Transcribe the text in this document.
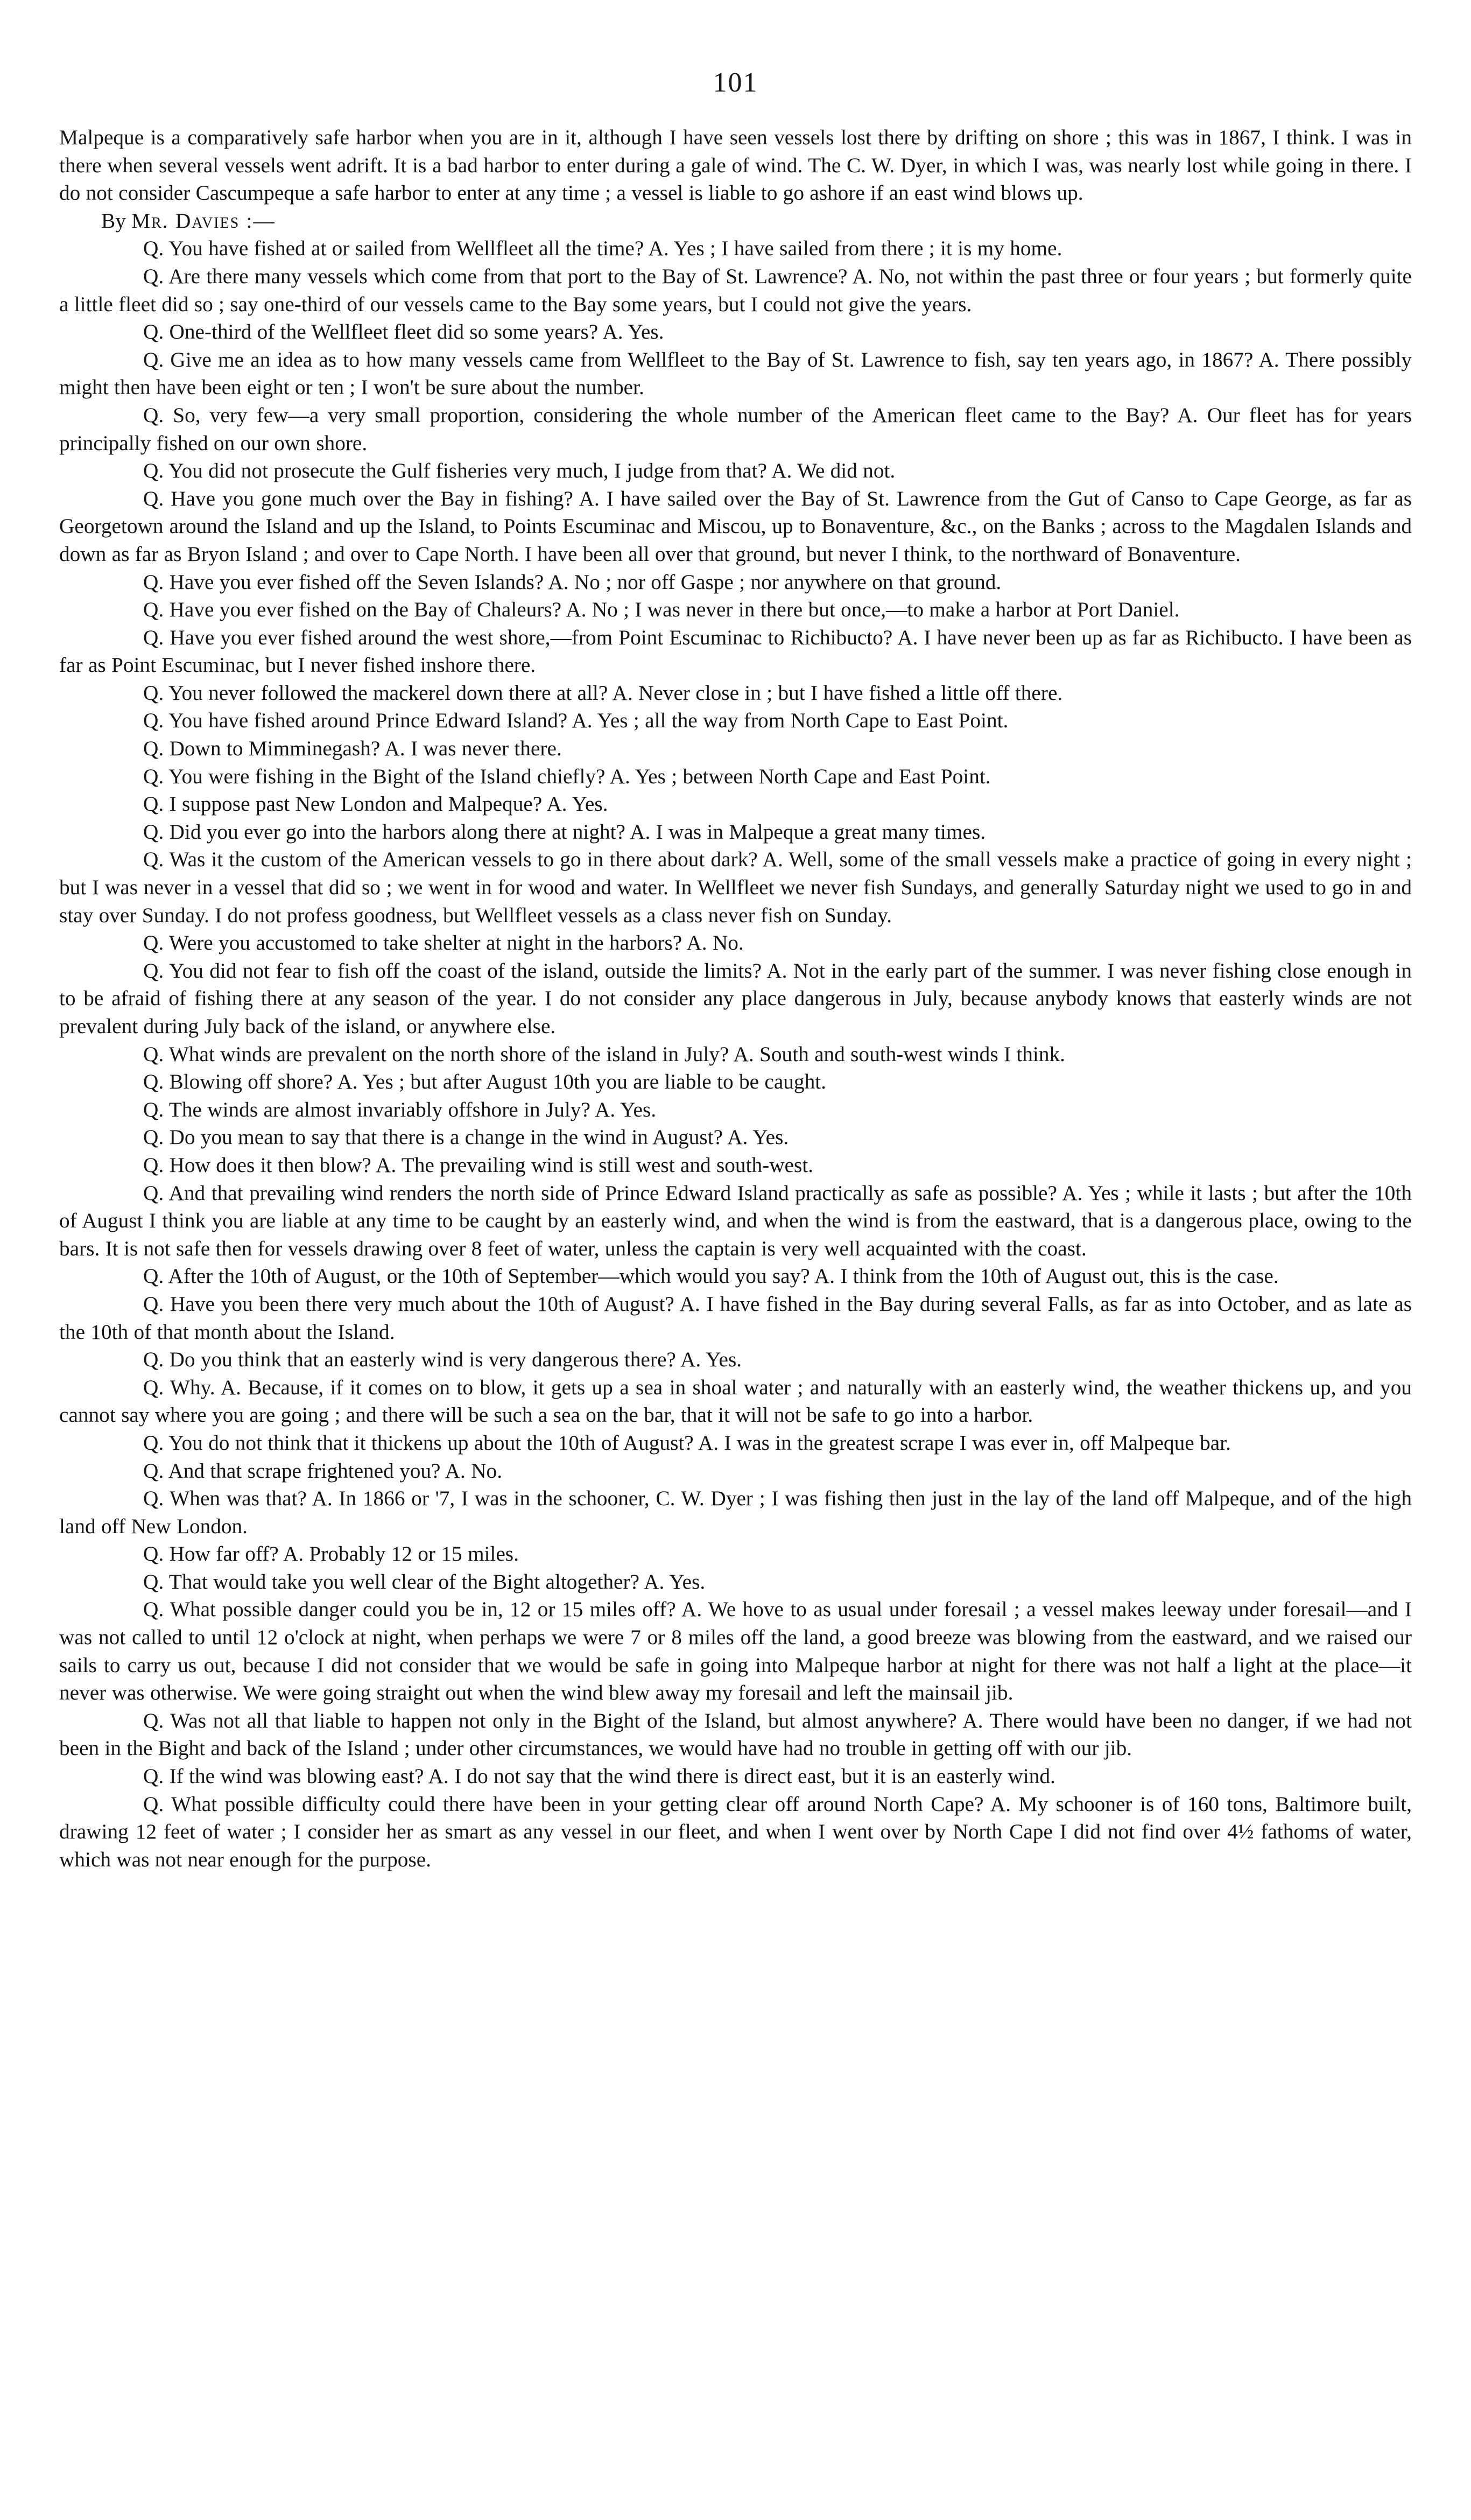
101

Malpeque is a comparatively safe harbor when you are in it, although I have seen vessels lost there by drifting on shore ; this was in 1867, I think. I was in there when several vessels went adrift. It is a bad harbor to enter during a gale of wind. The C. W. Dyer, in which I was, was nearly lost while going in there. I do not consider Cascumpeque a safe harbor to enter at any time ; a vessel is liable to go ashore if an east wind blows up.

By Mr. Davies :—

Q. You have fished at or sailed from Wellfleet all the time? A. Yes ; I have sailed from there ; it is my home.

Q. Are there many vessels which come from that port to the Bay of St. Lawrence? A. No, not within the past three or four years ; but formerly quite a little fleet did so ; say one-third of our vessels came to the Bay some years, but I could not give the years.

Q. One-third of the Wellfleet fleet did so some years? A. Yes.

Q. Give me an idea as to how many vessels came from Wellfleet to the Bay of St. Lawrence to fish, say ten years ago, in 1867? A. There possibly might then have been eight or ten ; I won't be sure about the number.

Q. So, very few—a very small proportion, considering the whole number of the American fleet came to the Bay? A. Our fleet has for years principally fished on our own shore.

Q. You did not prosecute the Gulf fisheries very much, I judge from that? A. We did not.

Q. Have you gone much over the Bay in fishing? A. I have sailed over the Bay of St. Lawrence from the Gut of Canso to Cape George, as far as Georgetown around the Island and up the Island, to Points Escuminac and Miscou, up to Bonaventure, &c., on the Banks ; across to the Magdalen Islands and down as far as Bryon Island ; and over to Cape North. I have been all over that ground, but never I think, to the northward of Bonaventure.

Q. Have you ever fished off the Seven Islands? A. No ; nor off Gaspe ; nor anywhere on that ground.

Q. Have you ever fished on the Bay of Chaleurs? A. No ; I was never in there but once,—to make a harbor at Port Daniel.

Q. Have you ever fished around the west shore,—from Point Escuminac to Richibucto? A. I have never been up as far as Richibucto. I have been as far as Point Escuminac, but I never fished inshore there.

Q. You never followed the mackerel down there at all? A. Never close in ; but I have fished a little off there.

Q. You have fished around Prince Edward Island? A. Yes ; all the way from North Cape to East Point.

Q. Down to Mimminegash? A. I was never there.

Q. You were fishing in the Bight of the Island chiefly? A. Yes ; between North Cape and East Point.

Q. I suppose past New London and Malpeque? A. Yes.

Q. Did you ever go into the harbors along there at night? A. I was in Malpeque a great many times.

Q. Was it the custom of the American vessels to go in there about dark? A. Well, some of the small vessels make a practice of going in every night ; but I was never in a vessel that did so ; we went in for wood and water. In Wellfleet we never fish Sundays, and generally Saturday night we used to go in and stay over Sunday. I do not profess goodness, but Wellfleet vessels as a class never fish on Sunday.

Q. Were you accustomed to take shelter at night in the harbors? A. No.

Q. You did not fear to fish off the coast of the island, outside the limits? A. Not in the early part of the summer. I was never fishing close enough in to be afraid of fishing there at any season of the year. I do not consider any place dangerous in July, because anybody knows that easterly winds are not prevalent during July back of the island, or anywhere else.

Q. What winds are prevalent on the north shore of the island in July? A. South and south-west winds I think.

Q. Blowing off shore? A. Yes ; but after August 10th you are liable to be caught.

Q. The winds are almost invariably offshore in July? A. Yes.

Q. Do you mean to say that there is a change in the wind in August? A. Yes.

Q. How does it then blow? A. The prevailing wind is still west and south-west.

Q. And that prevailing wind renders the north side of Prince Edward Island practically as safe as possible? A. Yes ; while it lasts ; but after the 10th of August I think you are liable at any time to be caught by an easterly wind, and when the wind is from the eastward, that is a dangerous place, owing to the bars. It is not safe then for vessels drawing over 8 feet of water, unless the captain is very well acquainted with the coast.

Q. After the 10th of August, or the 10th of September—which would you say? A. I think from the 10th of August out, this is the case.

Q. Have you been there very much about the 10th of August? A. I have fished in the Bay during several Falls, as far as into October, and as late as the 10th of that month about the Island.

Q. Do you think that an easterly wind is very dangerous there? A. Yes.

Q. Why. A. Because, if it comes on to blow, it gets up a sea in shoal water ; and naturally with an easterly wind, the weather thickens up, and you cannot say where you are going ; and there will be such a sea on the bar, that it will not be safe to go into a harbor.

Q. You do not think that it thickens up about the 10th of August? A. I was in the greatest scrape I was ever in, off Malpeque bar.

Q. And that scrape frightened you? A. No.

Q. When was that? A. In 1866 or '7, I was in the schooner, C. W. Dyer ; I was fishing then just in the lay of the land off Malpeque, and of the high land off New London.

Q. How far off? A. Probably 12 or 15 miles.

Q. That would take you well clear of the Bight altogether? A. Yes.

Q. What possible danger could you be in, 12 or 15 miles off? A. We hove to as usual under foresail ; a vessel makes leeway under foresail—and I was not called to until 12 o'clock at night, when perhaps we were 7 or 8 miles off the land, a good breeze was blowing from the eastward, and we raised our sails to carry us out, because I did not consider that we would be safe in going into Malpeque harbor at night for there was not half a light at the place—it never was otherwise. We were going straight out when the wind blew away my foresail and left the mainsail jib.

Q. Was not all that liable to happen not only in the Bight of the Island, but almost anywhere? A. There would have been no danger, if we had not been in the Bight and back of the Island ; under other circumstances, we would have had no trouble in getting off with our jib.

Q. If the wind was blowing east? A. I do not say that the wind there is direct east, but it is an easterly wind.

Q. What possible difficulty could there have been in your getting clear off around North Cape? A. My schooner is of 160 tons, Baltimore built, drawing 12 feet of water ; I consider her as smart as any vessel in our fleet, and when I went over by North Cape I did not find over 4½ fathoms of water, which was not near enough for the purpose.
